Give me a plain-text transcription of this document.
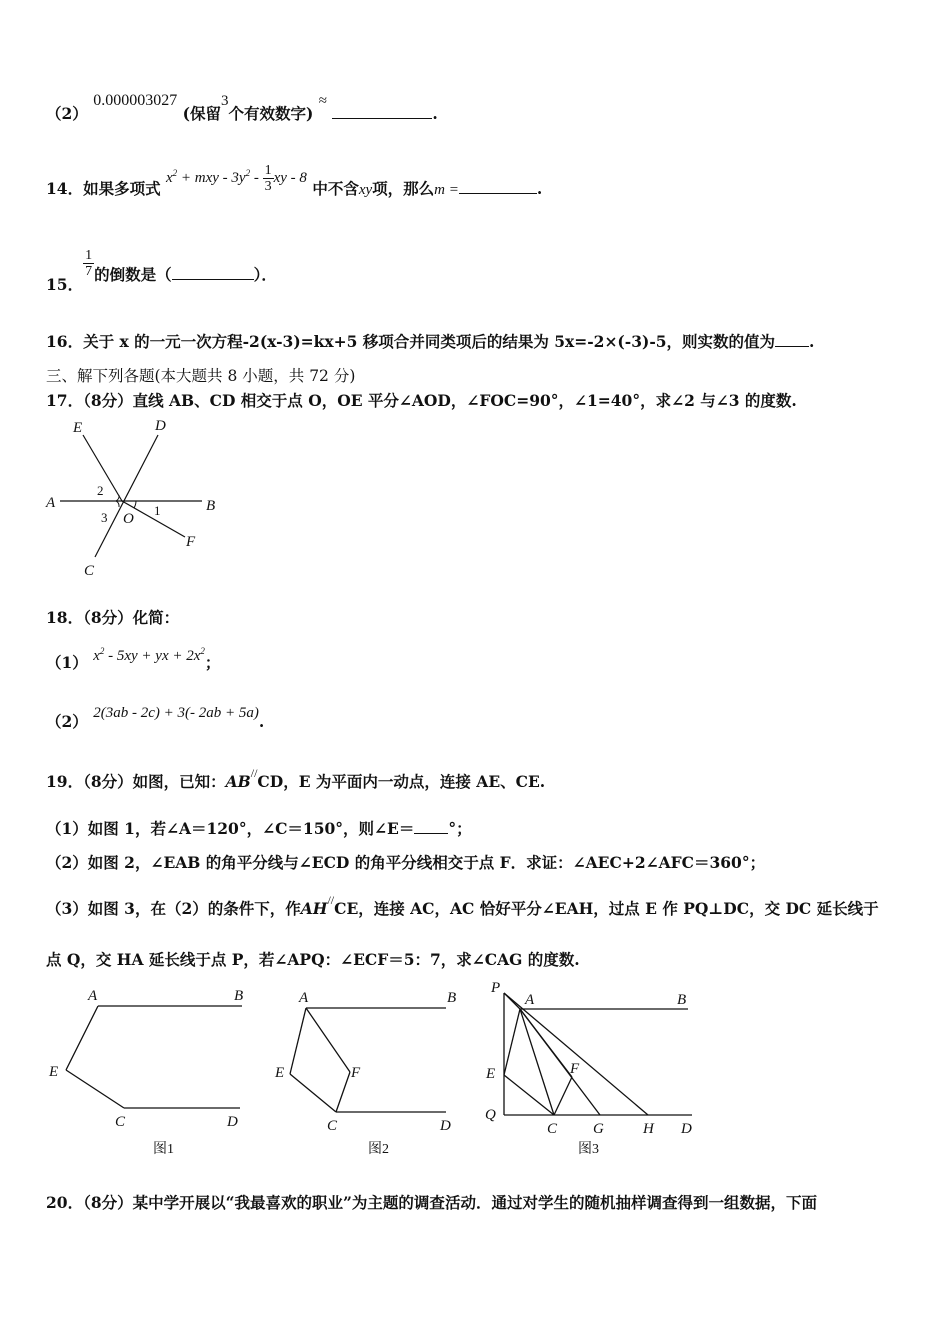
（2） 0.000003027 (保留3个有效数字) ≈ .
14．如果多项式 $x^2$ + mxy - $3y^2 - \frac{1}{3}$ xy - 8 中不含xy项，那么m =	.
15．
$\frac{1}{7}$ 的倒数是（	）．
16．关于 x 的一元一次方程-2(x-3)=kx+5 移项合并同类项后的结果为 5x=-2×(-3)-5，则实数的值为 .
三、解下列各题(本大题共 8 小题，共 72 分)
17．（8分）直线 AB、CD 相交于点 O，OE 平分∠AOD，∠FOC=90°，∠1=40°，求∠2 与∠3 的度数.
E	D
A	B
C
F
O
1
2
3
18．（8分）化简：
（1） $x^2 - 5xy$ + yx + $2x^2$；
（2） 2(3ab - 2c) + 3(- 2ab + 5a).
19．（8分）如图，已知：AB//CD，E 为平面内一动点，连接 AE、CE.
（1）如图 1，若∠A＝120°，∠C＝150°，则∠E＝ °；
（2）如图 2，∠EAB 的角平分线与∠ECD 的角平分线相交于点 F．求证：∠AEC+2∠AFC＝360°；
（3）如图 3，在（2）的条件下，作AH//CE，连接 AC，AC 恰好平分∠EAH，过点 E 作 PQ⊥DC，交 DC 延长线于
点 Q，交 HA 延长线于点 P，若∠APQ：∠ECF＝5：7，求∠CAG 的度数.
A	B
E
C	D
图1
A	B
E	F
C	D
图2
P
A	B
E	F
Q
C G	H D
图3
20．（8分）某中学开展以“我最喜欢的职业”为主题的调查活动．通过对学生的随机抽样调查得到一组数据，下面
